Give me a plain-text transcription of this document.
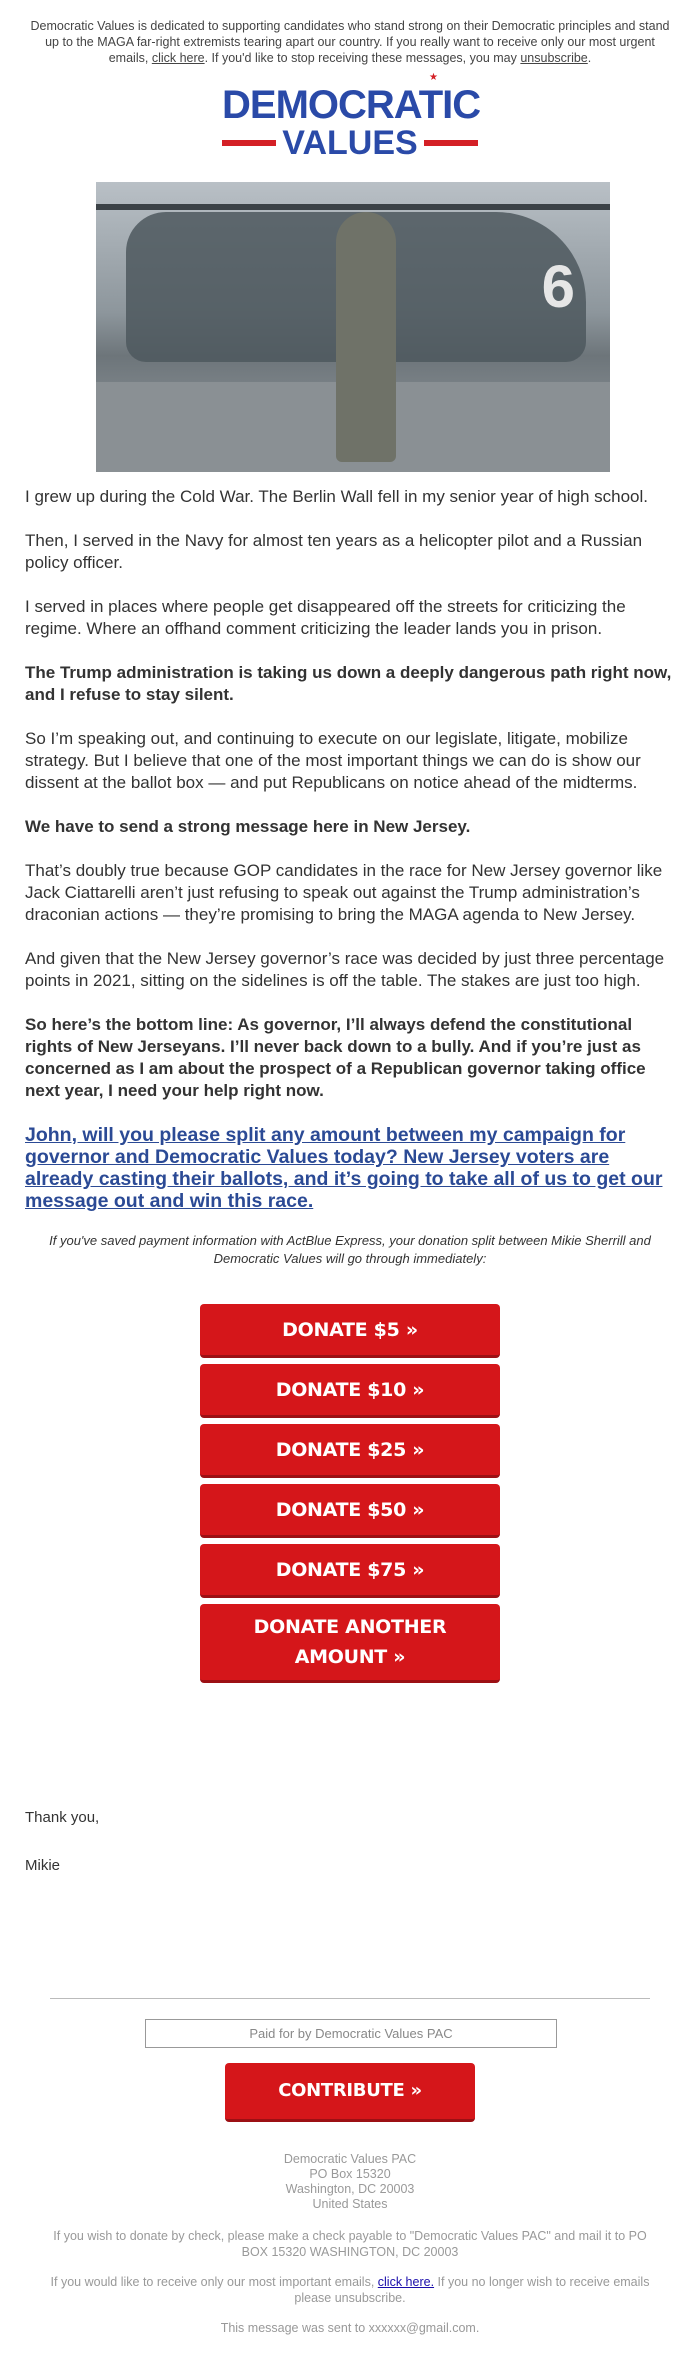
Democratic Values is dedicated to supporting candidates who stand strong on their Democratic principles and stand up to the MAGA far-right extremists tearing apart our country. If you really want to receive only our most urgent emails, click here. If you'd like to stop receiving these messages, you may unsubscribe.
★
DEMOCRATIC
VALUES
6

I grew up during the Cold War. The Berlin Wall fell in my senior year of high school.

Then, I served in the Navy for almost ten years as a helicopter pilot and a Russian policy officer.

I served in places where people get disappeared off the streets for criticizing the regime. Where an offhand comment criticizing the leader lands you in prison.

The Trump administration is taking us down a deeply dangerous path right now, and I refuse to stay silent.

So I’m speaking out, and continuing to execute on our legislate, litigate, mobilize strategy. But I believe that one of the most important things we can do is show our dissent at the ballot box — and put Republicans on notice ahead of the midterms.

We have to send a strong message here in New Jersey.

That’s doubly true because GOP candidates in the race for New Jersey governor like Jack Ciattarelli aren’t just refusing to speak out against the Trump administration’s draconian actions — they’re promising to bring the MAGA agenda to New Jersey.

And given that the New Jersey governor’s race was decided by just three percentage points in 2021, sitting on the sidelines is off the table. The stakes are just too high.

So here’s the bottom line: As governor, I’ll always defend the constitutional rights of New Jerseyans. I’ll never back down to a bully. And if you’re just as concerned as I am about the prospect of a Republican governor taking office next year, I need your help right now.

John, will you please split any amount between my campaign for governor and Democratic Values today? New Jersey voters are already casting their ballots, and it’s going to take all of us to get our message out and win this race.
If you've saved payment information with ActBlue Express, your donation split between Mikie Sherrill and Democratic Values will go through immediately:
DONATE $5 »
DONATE $10 »
DONATE $25 »
DONATE $50 »
DONATE $75 »
DONATE ANOTHER AMOUNT »
Thank you,
Mikie
Paid for by Democratic Values PAC
CONTRIBUTE »
Democratic Values PAC
PO Box 15320
Washington, DC 20003
United States
If you wish to donate by check, please make a check payable to "Democratic Values PAC" and mail it to PO BOX 15320 WASHINGTON, DC 20003
If you would like to receive only our most important emails, click here. If you no longer wish to receive emails please unsubscribe.
This message was sent to xxxxxx@gmail.com.
